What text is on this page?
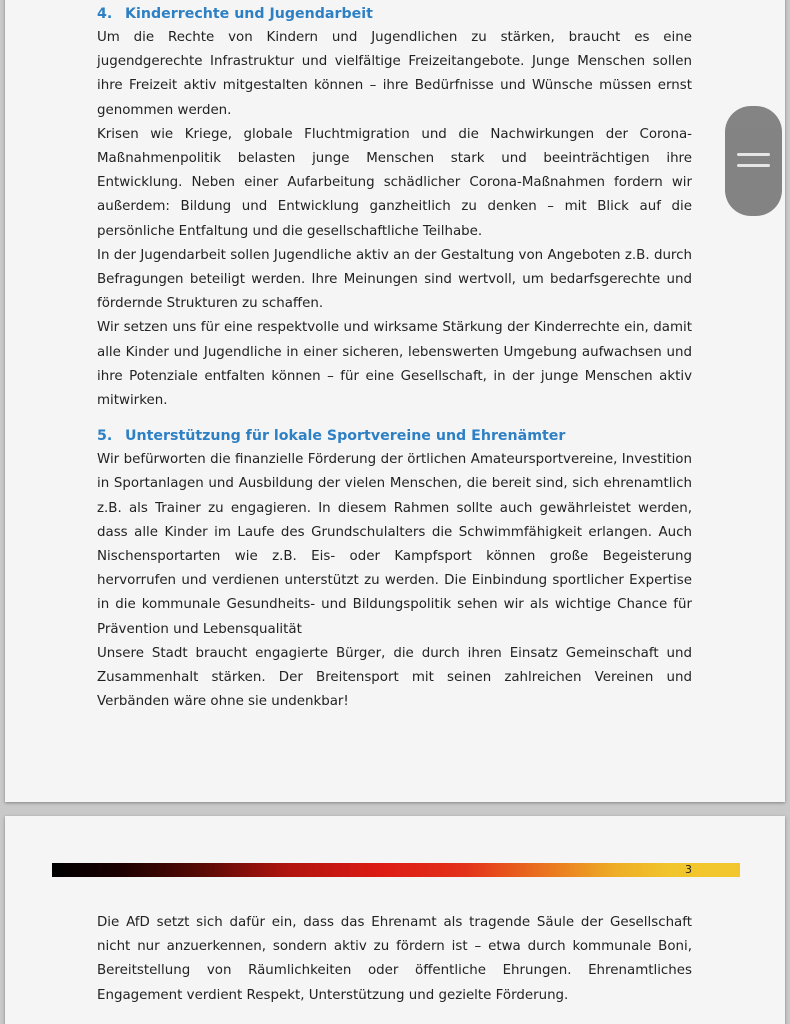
4. Kinderrechte und Jugendarbeit

Um die Rechte von Kindern und Jugendlichen zu stärken, braucht es eine jugendgerechte Infrastruktur und vielfältige Freizeitangebote. Junge Menschen sollen ihre Freizeit aktiv mitgestalten können – ihre Bedürfnisse und Wünsche müssen ernst genommen werden.

Krisen wie Kriege, globale Fluchtmigration und die Nachwirkungen der Corona-Maßnahmenpolitik belasten junge Menschen stark und beeinträchtigen ihre Entwicklung. Neben einer Aufarbeitung schädlicher Corona-Maßnahmen fordern wir außerdem: Bildung und Entwicklung ganzheitlich zu denken – mit Blick auf die persönliche Entfaltung und die gesellschaftliche Teilhabe.

In der Jugendarbeit sollen Jugendliche aktiv an der Gestaltung von Angeboten z.B. durch Befragungen beteiligt werden. Ihre Meinungen sind wertvoll, um bedarfsgerechte und fördernde Strukturen zu schaffen.

Wir setzen uns für eine respektvolle und wirksame Stärkung der Kinderrechte ein, damit alle Kinder und Jugendliche in einer sicheren, lebenswerten Umgebung aufwachsen und ihre Potenziale entfalten können – für eine Gesellschaft, in der junge Menschen aktiv mitwirken.

5. Unterstützung für lokale Sportvereine und Ehrenämter

Wir befürworten die finanzielle Förderung der örtlichen Amateursportvereine, Investition in Sportanlagen und Ausbildung der vielen Menschen, die bereit sind, sich ehrenamtlich z.B. als Trainer zu engagieren. In diesem Rahmen sollte auch gewährleistet werden, dass alle Kinder im Laufe des Grundschulalters die Schwimmfähigkeit erlangen. Auch Nischensportarten wie z.B. Eis- oder Kampfsport können große Begeisterung hervorrufen und verdienen unterstützt zu werden. Die Einbindung sportlicher Expertise in die kommunale Gesundheits- und Bildungspolitik sehen wir als wichtige Chance für Prävention und Lebensqualität

Unsere Stadt braucht engagierte Bürger, die durch ihren Einsatz Gemeinschaft und Zusammenhalt stärken. Der Breitensport mit seinen zahlreichen Vereinen und Verbänden wäre ohne sie undenkbar!

3

Die AfD setzt sich dafür ein, dass das Ehrenamt als tragende Säule der Gesellschaft nicht nur anzuerkennen, sondern aktiv zu fördern ist – etwa durch kommunale Boni, Bereitstellung von Räumlichkeiten oder öffentliche Ehrungen. Ehrenamtliches Engagement verdient Respekt, Unterstützung und gezielte Förderung.
